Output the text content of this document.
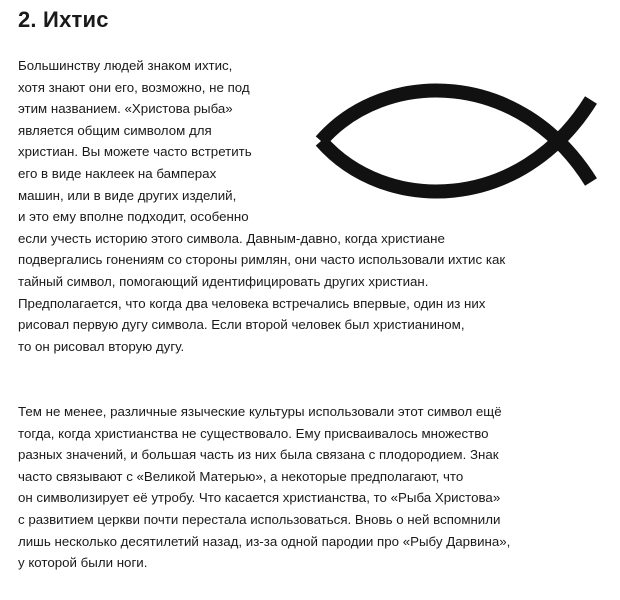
2. Ихтис

Большинству людей знаком ихтис,
хотя знают они его, возможно, не под
этим названием. «Христова рыба»
является общим символом для
христиан. Вы можете часто встретить
его в виде наклеек на бамперах
машин, или в виде других изделий,
и это ему вполне подходит, особенно
если учесть историю этого символа. Давным-давно, когда христиане
подвергались гонениям со стороны римлян, они часто использовали ихтис как
тайный символ, помогающий идентифицировать других христиан.
Предполагается, что когда два человека встречались впервые, один из них
рисовал первую дугу символа. Если второй человек был христианином,
то он рисовал вторую дугу.

Тем не менее, различные языческие культуры использовали этот символ ещё
тогда, когда христианства не существовало. Ему присваивалось множество
разных значений, и большая часть из них была связана с плодородием. Знак
часто связывают с «Великой Матерью», а некоторые предполагают, что
он символизирует её утробу. Что касается христианства, то «Рыба Христова»
с развитием церкви почти перестала использоваться. Вновь о ней вспомнили
лишь несколько десятилетий назад, из-за одной пародии про «Рыбу Дарвина»,
у которой были ноги.
